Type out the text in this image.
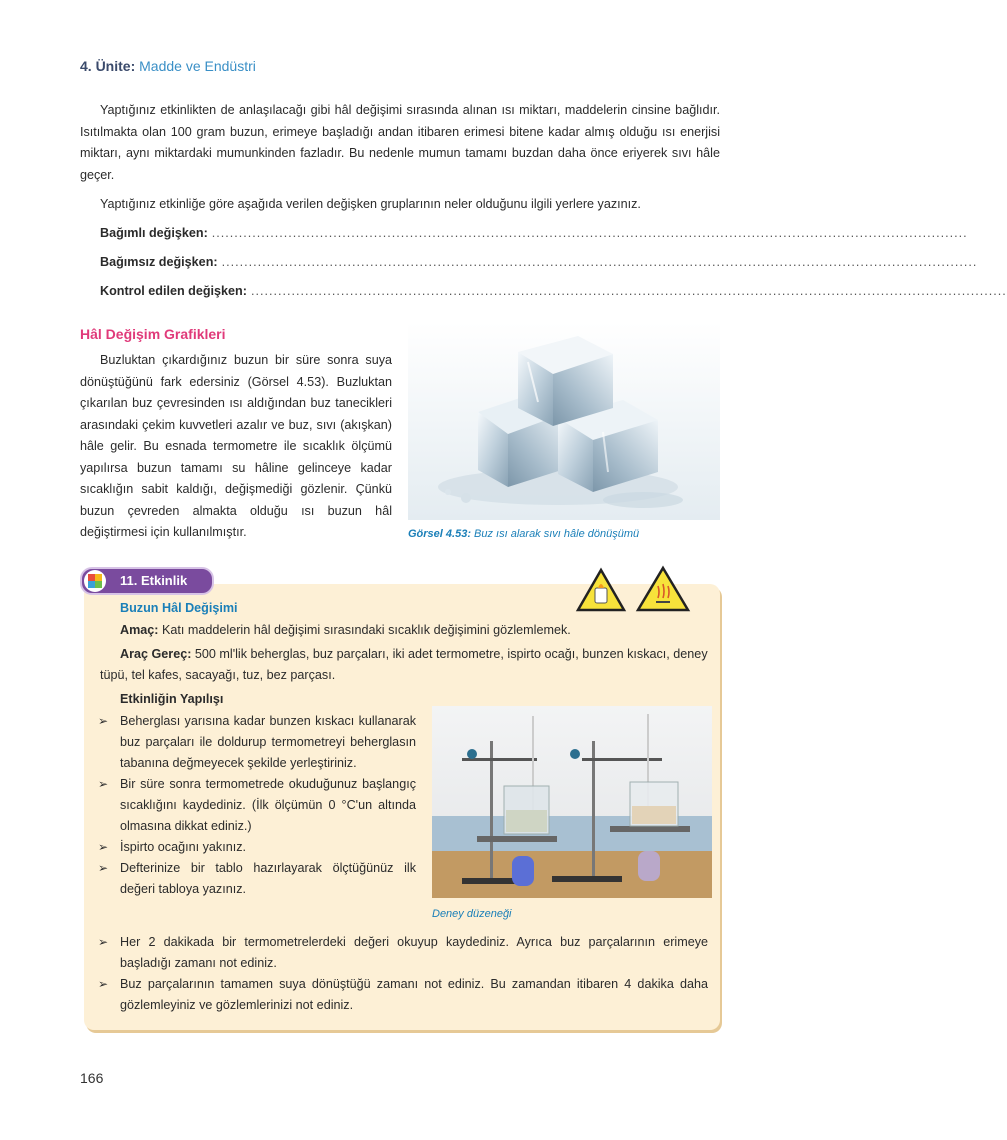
4. Ünite: Madde ve Endüstri

Yaptığınız etkinlikten de anlaşılacağı gibi hâl değişimi sırasında alınan ısı miktarı, maddelerin cinsine bağlıdır. Isıtılmakta olan 100 gram buzun, erimeye başladığı andan itibaren erimesi bitene kadar almış olduğu ısı enerjisi miktarı, aynı miktardaki mumunkinden fazladır. Bu nedenle mumun tamamı buzdan daha önce eriyerek sıvı hâle geçer.

Yaptığınız etkinliğe göre aşağıda verilen değişken gruplarının neler olduğunu ilgili yerlere yazınız.

Bağımlı değişken: ........................................................................................................................................................................
Bağımsız değişken: ........................................................................................................................................................................
Kontrol edilen değişken: ........................................................................................................................................................................
Hâl Değişim Grafikleri

Buzluktan çıkardığınız buzun bir süre sonra suya dönüştüğünü fark edersiniz (Görsel 4.53). Buzluktan çıkarılan buz çevresinden ısı aldığından buz tanecikleri arasındaki çekim kuvvetleri azalır ve buz, sıvı (akışkan) hâle gelir. Bu esnada termometre ile sıcaklık ölçümü yapılırsa buzun tamamı su hâline gelinceye kadar sıcaklığın sabit kaldığı, değişmediği gözlenir. Çünkü buzun çevreden almakta olduğu ısı buzun hâl değiştirmesi için kullanılmıştır.	Görsel 4.53: Buz ısı alarak sıvı hâle dönüşümü
11. Etkinlik
Buzun Hâl Değişimi
Amaç: Katı maddelerin hâl değişimi sırasındaki sıcaklık değişimini gözlemlemek.
Araç Gereç: 500 ml'lik beherglas, buz parçaları, iki adet termometre, ispirto ocağı, bunzen kıskacı, deney tüpü, tel kafes, sacayağı, tuz, bez parçası.
Etkinliğin Yapılışı
➢ Beherglası yarısına kadar bunzen kıskacı kullanarak buz parçaları ile doldurup termometreyi beherglasın tabanına değmeyecek şekilde yerleştiriniz.
➢ Bir süre sonra termometrede okuduğunuz başlangıç sıcaklığını kaydediniz. (İlk ölçümün 0 °C'un altında olmasına dikkat ediniz.)
➢ İspirto ocağını yakınız.
➢ Defterinize bir tablo hazırlayarak ölçtüğünüz ilk değeri tabloya yazınız.
Deney düzeneği
➢ Her 2 dakikada bir termometrelerdeki değeri okuyup kaydediniz. Ayrıca buz parçalarının erimeye başladığı zamanı not ediniz.
➢ Buz parçalarının tamamen suya dönüştüğü zamanı not ediniz. Bu zamandan itibaren 4 dakika daha gözlemleyiniz ve gözlemlerinizi not ediniz.
166
